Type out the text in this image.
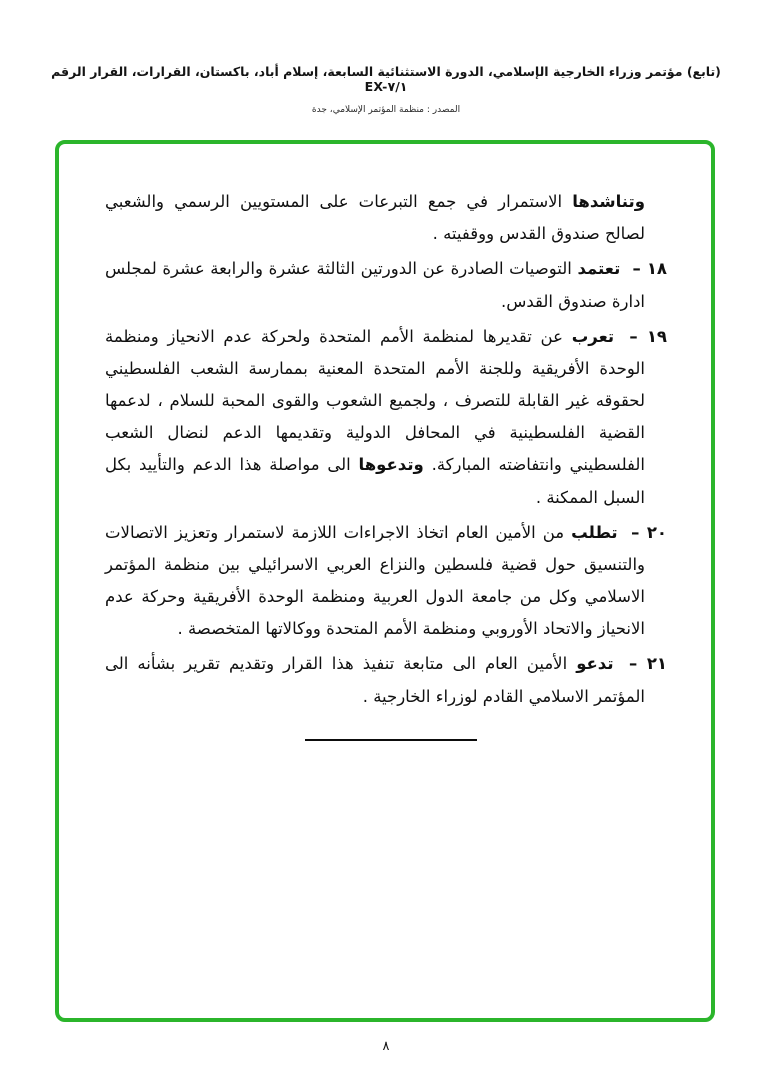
(تابع) مؤتمر وزراء الخارجية الإسلامي، الدورة الاستثنائية السابعة، إسلام أباد، باكستان، القرارات، القرار الرقم EX-٧/١
المصدر : منظمة المؤتمر الإسلامي، جدة
وتناشدها الاستمرار في جمع التبرعات على المستويين الرسمي والشعبي لصالح صندوق القدس ووقفيته .
١٨ – تعتمد التوصيات الصادرة عن الدورتين الثالثة عشرة والرابعة عشرة لمجلس ادارة صندوق القدس.
١٩ – تعرب عن تقديرها لمنظمة الأمم المتحدة ولحركة عدم الانحياز ومنظمة الوحدة الأفريقية وللجنة الأمم المتحدة المعنية بممارسة الشعب الفلسطيني لحقوقه غير القابلة للتصرف ، ولجميع الشعوب والقوى المحبة للسلام ، لدعمها القضية الفلسطينية في المحافل الدولية وتقديمها الدعم لنضال الشعب الفلسطيني وانتفاضته المباركة. وتدعوها الى مواصلة هذا الدعم والتأييد بكل السبل الممكنة .
٢٠ – تطلب من الأمين العام اتخاذ الاجراءات اللازمة لاستمرار وتعزيز الاتصالات والتنسيق حول قضية فلسطين والنزاع العربي الاسرائيلي بين منظمة المؤتمر الاسلامي وكل من جامعة الدول العربية ومنظمة الوحدة الأفريقية وحركة عدم الانحياز والاتحاد الأوروبي ومنظمة الأمم المتحدة ووكالاتها المتخصصة .
٢١ – تدعو الأمين العام الى متابعة تنفيذ هذا القرار وتقديم تقرير بشأنه الى المؤتمر الاسلامي القادم لوزراء الخارجية .
٨
